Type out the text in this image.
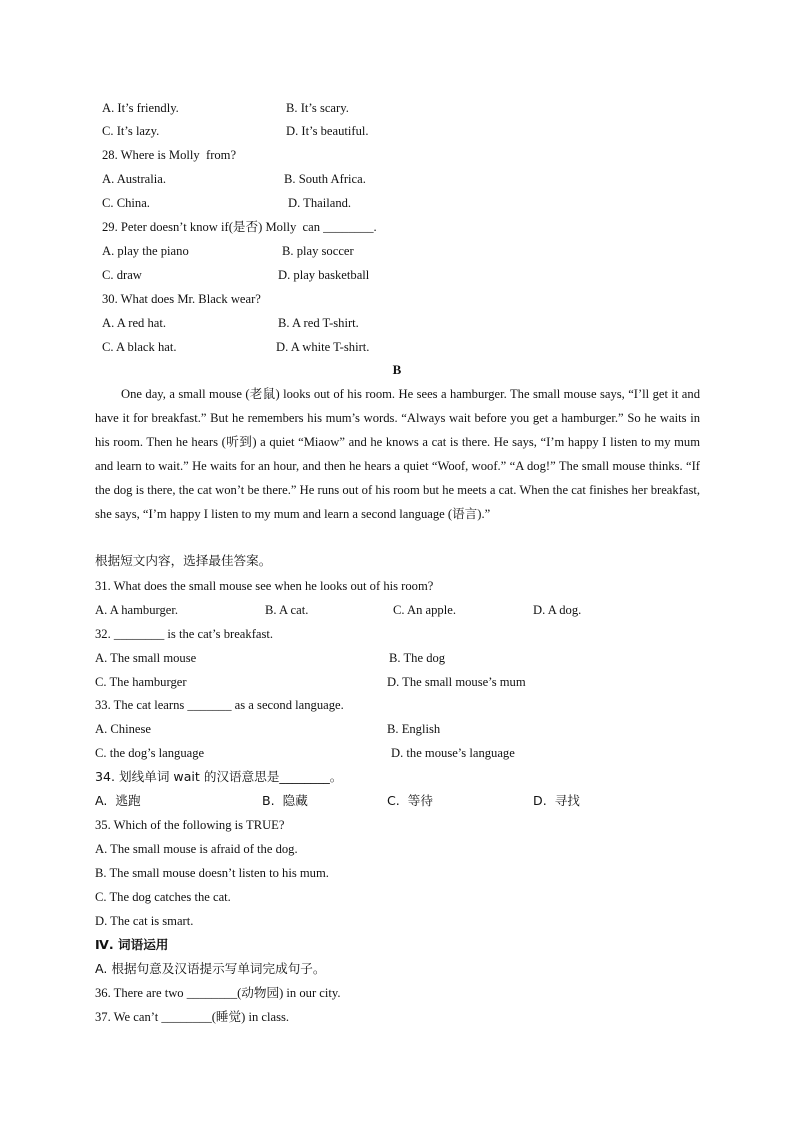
A. It’s friendly.	B. It’s scary.
C. It’s lazy.	D. It’s beautiful.
28. Where is Molly  from?
A. Australia.	B. South Africa.
C. China.	D. Thailand.
29. Peter doesn’t know if(是否) Molly  can ________.
A. play the piano	B. play soccer
C. draw	D. play basketball
30. What does Mr. Black wear?
A. A red hat.	B. A red T-shirt.
C. A black hat.	D. A white T-shirt.
B
One day, a small mouse (老鼠) looks out of his room. He sees a hamburger. The small mouse says, “I’ll get it and have it for breakfast.” But he remembers his mum’s words. “Always wait before you get a hamburger.” So he waits in his room. Then he hears (听到) a quiet “Miaow” and he knows a cat is there. He says, “I’m happy I listen to my mum and learn to wait.” He waits for an hour, and then he hears a quiet “Woof, woof.” “A dog!” The small mouse thinks. “If the dog is there, the cat won’t be there.” He runs out of his room but he meets a cat. When the cat finishes her breakfast, she says, “I’m happy I listen to my mum and learn a second language (语言).”
根据短文内容，选择最佳答案。
31. What does the small mouse see when he looks out of his room?
A. A hamburger.	B. A cat.	C. An apple.	D. A dog.
32. ________ is the cat’s breakfast.
A. The small mouse	B. The dog
C. The hamburger	D. The small mouse’s mum
33. The cat learns _______ as a second language.
A. Chinese	B. English
C. the dog’s language	D. the mouse’s language
34. 划线单词 wait 的汉语意思是________。
A.  逃跑	B.  隐藏	C.  等待	D.  寻找
35. Which of the following is TRUE?
A. The small mouse is afraid of the dog.
B. The small mouse doesn’t listen to his mum.
C. The dog catches the cat.
D. The cat is smart.
Ⅳ. 词语运用
A. 根据句意及汉语提示写单词完成句子。
36. There are two ________(动物园) in our city.
37. We can’t ________(睡觉) in class.
